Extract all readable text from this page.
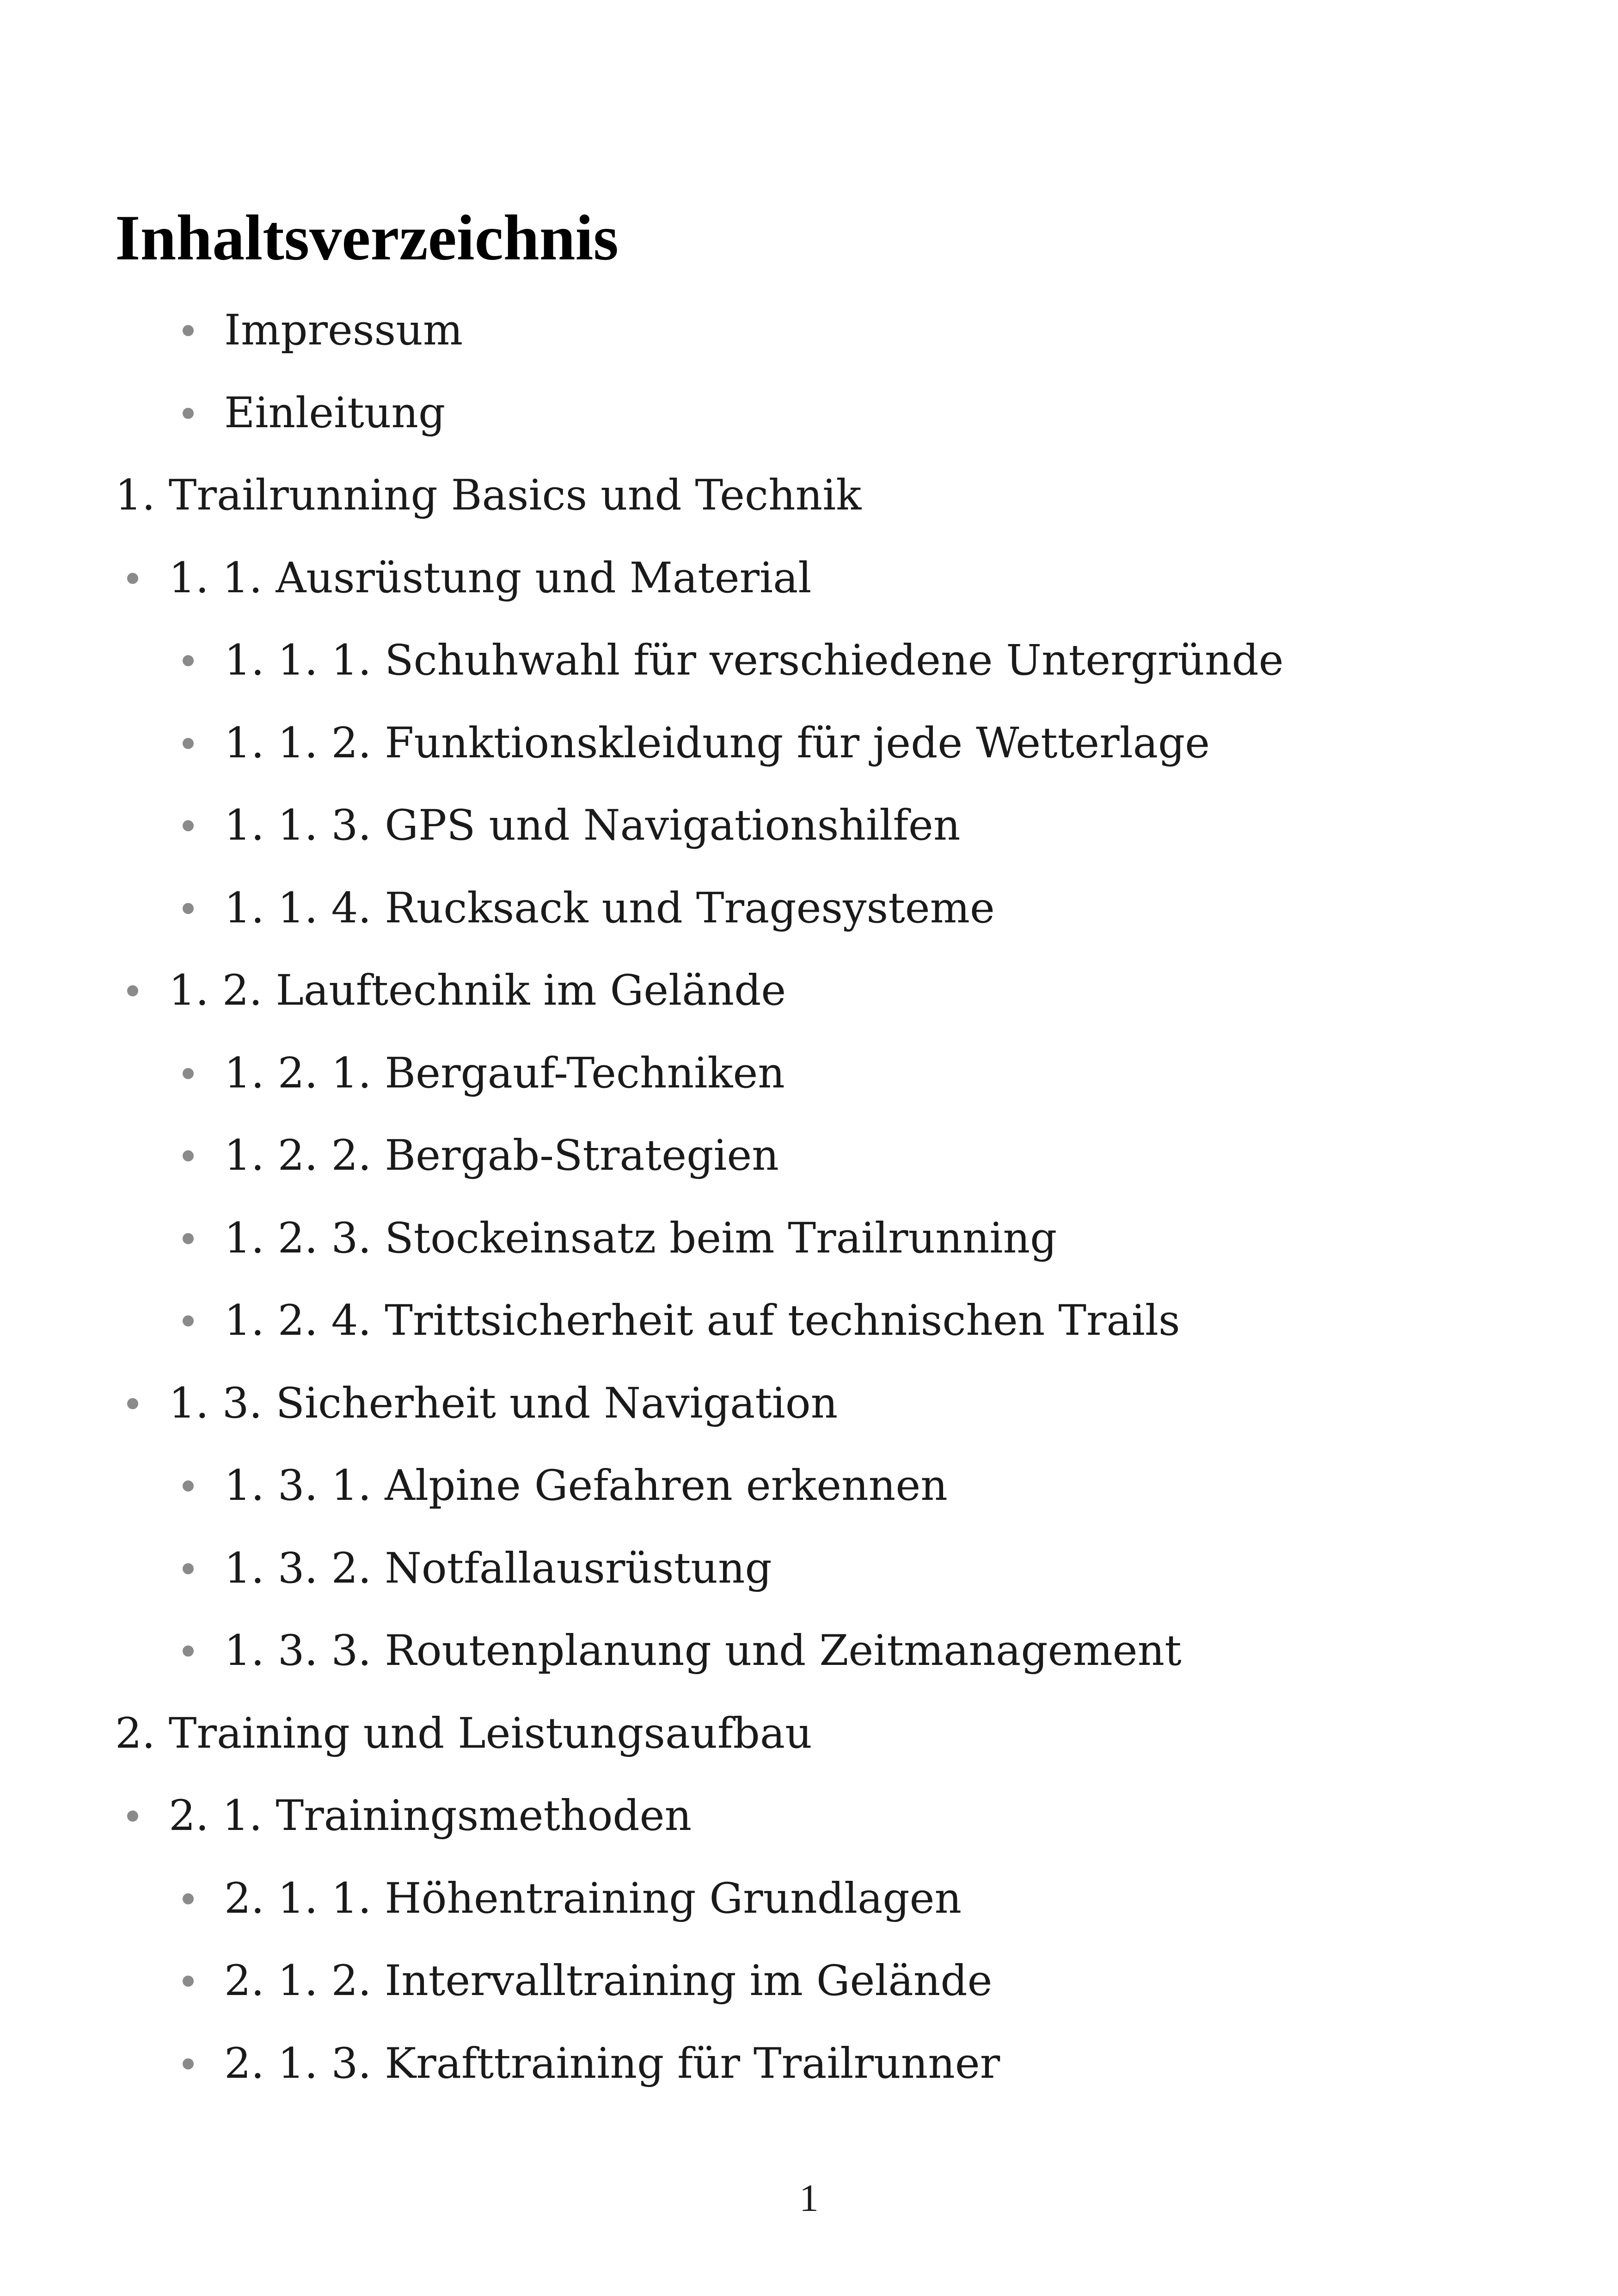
Inhaltsverzeichnis
Impressum
Einleitung
1. Trailrunning Basics und Technik
1. 1. Ausrüstung und Material
1. 1. 1. Schuhwahl für verschiedene Untergründe
1. 1. 2. Funktionskleidung für jede Wetterlage
1. 1. 3. GPS und Navigationshilfen
1. 1. 4. Rucksack und Tragesysteme
1. 2. Lauftechnik im Gelände
1. 2. 1. Bergauf-Techniken
1. 2. 2. Bergab-Strategien
1. 2. 3. Stockeinsatz beim Trailrunning
1. 2. 4. Trittsicherheit auf technischen Trails
1. 3. Sicherheit und Navigation
1. 3. 1. Alpine Gefahren erkennen
1. 3. 2. Notfallausrüstung
1. 3. 3. Routenplanung und Zeitmanagement
2. Training und Leistungsaufbau
2. 1. Trainingsmethoden
2. 1. 1. Höhentraining Grundlagen
2. 1. 2. Intervalltraining im Gelände
2. 1. 3. Krafttraining für Trailrunner
1
